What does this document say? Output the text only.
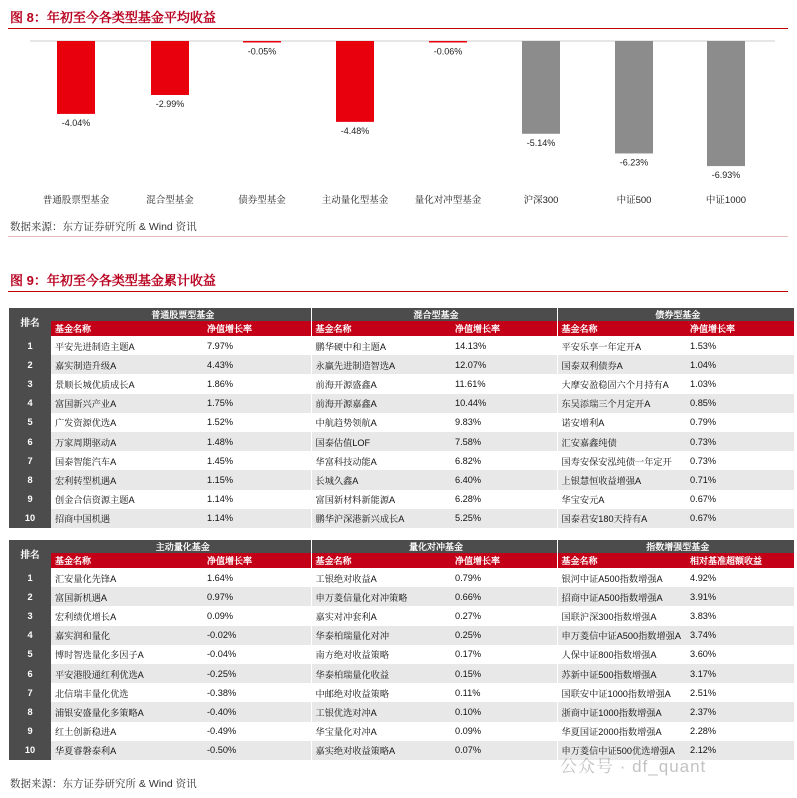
图 8：年初至今各类型基金平均收益
-4.04%
普通股票型基金
-2.99%
混合型基金
-0.05%
债券型基金
-4.48%
主动量化型基金
-0.06%
量化对冲型基金
-5.14%
沪深300
-6.23%
中证500
-6.93%
中证1000
数据来源：东方证券研究所 & Wind 资讯
图 9：年初至今各类型基金累计收益
排名	普通股票型基金		混合型基金		债券型基金	
	基金名称	净值增长率	基金名称	净值增长率	基金名称	净值增长率
1	平安先进制造主题A	7.97%	鹏华硬中和主题A	14.13%	平安乐享一年定开A	1.53%
2	嘉实制造升级A	4.43%	永赢先进制造智选A	12.07%	国泰双利债券A	1.04%
3	景顺长城优质成长A	1.86%	前海开源盛鑫A	11.61%	大摩安盈稳固六个月持有A	1.03%
4	富国新兴产业A	1.75%	前海开源嘉鑫A	10.44%	东吴添瑞三个月定开A	0.85%
5	广发资源优选A	1.52%	中航趋势领航A	9.83%	诺安增利A	0.79%
6	万家周期驱动A	1.48%	国泰估值LOF	7.58%	汇安嘉鑫纯债	0.73%
7	国泰智能汽车A	1.45%	华富科技动能A	6.82%	国寿安保安泓纯债一年定开	0.73%
8	宏利转型机遇A	1.15%	长城久鑫A	6.40%	上银慧恒收益增强A	0.71%
9	创金合信资源主题A	1.14%	富国新材料新能源A	6.28%	华宝安元A	0.67%
10	招商中国机遇	1.14%	鹏华沪深港新兴成长A	5.25%	国泰君安180天持有A	0.67%
排名	主动量化基金		量化对冲基金		指数增强型基金	
	基金名称	净值增长率	基金名称	净值增长率	基金名称	相对基准超额收益
1	汇安量化先锋A	1.64%	工银绝对收益A	0.79%	银河中证A500指数增强A	4.92%
2	富国新机遇A	0.97%	申万菱信量化对冲策略	0.66%	招商中证A500指数增强A	3.91%
3	宏利绩优增长A	0.09%	嘉实对冲套利A	0.27%	国联沪深300指数增强A	3.83%
4	嘉实润和量化	-0.02%	华泰柏瑞量化对冲	0.25%	申万菱信中证A500指数增强A	3.74%
5	博时智选量化多因子A	-0.04%	南方绝对收益策略	0.17%	人保中证800指数增强A	3.60%
6	平安港股通红利优选A	-0.25%	华泰柏瑞量化收益	0.15%	苏新中证500指数增强A	3.17%
7	北信瑞丰量化优选	-0.38%	中邮绝对收益策略	0.11%	国联安中证1000指数增强A	2.51%
8	浦银安盛量化多策略A	-0.40%	工银优选对冲A	0.10%	浙商中证1000指数增强A	2.37%
9	红土创新稳进A	-0.49%	华宝量化对冲A	0.09%	华夏国证2000指数增强A	2.28%
10	华夏睿磐泰利A	-0.50%	嘉实绝对收益策略A	0.07%	申万菱信中证500优选增强A	2.12%
数据来源：东方证券研究所 & Wind 资讯
公众号 · df_quant
